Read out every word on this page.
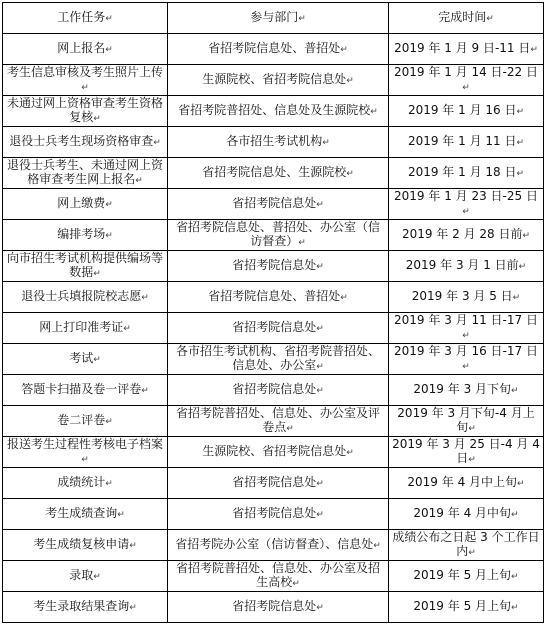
工作任务↵	参与部门↵	完成时间↵
网上报名↵	省招考院信息处、普招处↵	2019 年 1 月 9 日-11 日↵
考生信息审核及考生照片上传↵	生源院校、省招考院信息处↵	2019 年 1 月 14 日-22 日↵
未通过网上资格审查考生资格复核↵	省招考院普招处、信息处及生源院校↵	2019 年 1 月 16 日↵
退役士兵考生现场资格审查↵	各市招生考试机构↵	2019 年 1 月 11 日↵
退役士兵考生、未通过网上资格审查考生网上报名↵	省招考院信息处、生源院校↵	2019 年 1 月 18 日↵
网上缴费↵	省招考院信息处↵	2019 年 1 月 23 日-25 日↵
编排考场↵	省招考院信息处、普招处、办公室（信访督查）↵	2019 年 2 月 28 日前↵
向市招生考试机构提供编场等数据↵	省招考院信息处↵	2019 年 3 月 1 日前↵
退役士兵填报院校志愿↵	省招考院信息处、普招处↵	2019 年 3 月 5 日↵
网上打印准考证↵	省招考院信息处↵	2019 年 3 月 11 日-17 日↵
考试↵	各市招生考试机构、省招考院普招处、信息处、办公室↵	2019 年 3 月 16 日-17 日↵
答题卡扫描及卷一评卷↵	省招考院信息处↵	2019 年 3 月下旬↵
卷二评卷↵	省招考院普招处、信息处、办公室及评卷点↵	2019 年 3 月下旬-4 月上旬↵
报送考生过程性考核电子档案↵	生源院校、省招考院信息处↵	2019 年 3 月 25 日-4 月 4 日↵
成绩统计↵	省招考院信息处↵	2019 年 4 月中上旬↵
考生成绩查询↵	省招考院信息处↵	2019 年 4 月中旬↵
考生成绩复核申请↵	省招考院办公室（信访督查）、信息处↵	成绩公布之日起 3 个工作日内↵
录取↵	省招考院普招处、信息处、办公室及招生高校↵	2019 年 5 月上旬↵
考生录取结果查询↵	省招考院信息处↵	2019 年 5 月上旬↵
